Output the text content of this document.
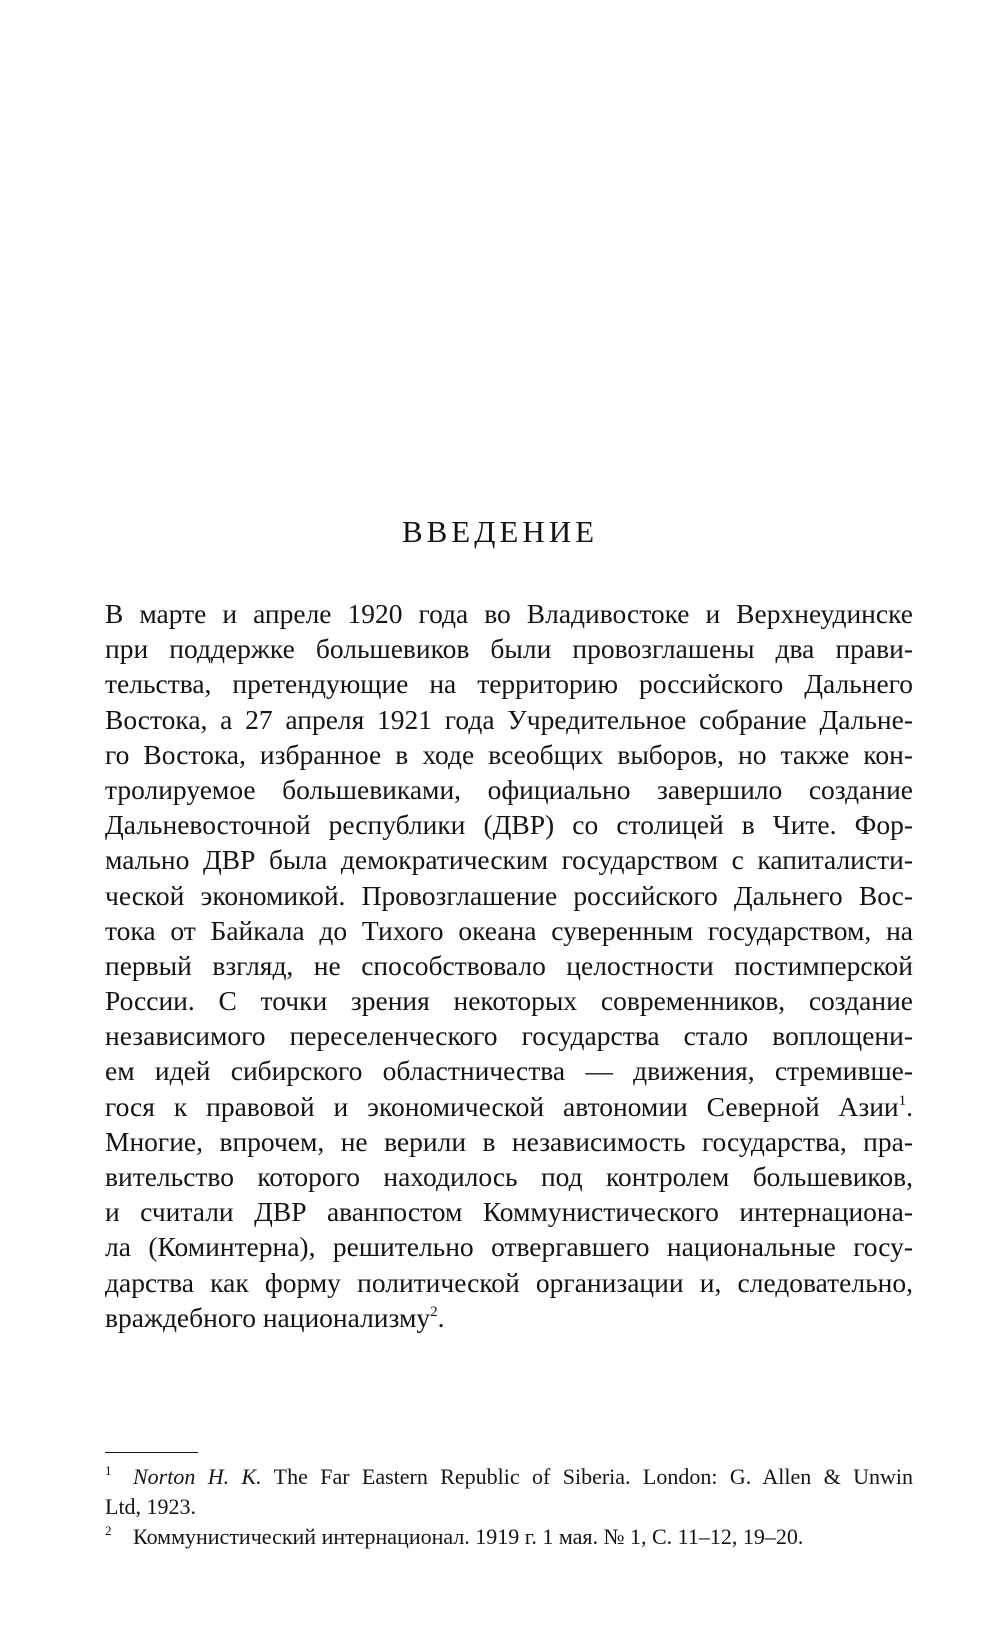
ВВЕДЕНИЕ
В марте и апреле 1920 года во Владивостоке и Верхнеудинске
при поддержке большевиков были провозглашены два прави-
тельства, претендующие на территорию российского Дальнего
Востока, а 27 апреля 1921 года Учредительное собрание Дальне-
го Востока, избранное в ходе всеобщих выборов, но также кон-
тролируемое большевиками, официально завершило создание
Дальневосточной республики (ДВР) со столицей в Чите. Фор-
мально ДВР была демократическим государством с капиталисти-
ческой экономикой. Провозглашение российского Дальнего Вос-
тока от Байкала до Тихого океана суверенным государством, на
первый взгляд, не способствовало целостности постимперской
России. С точки зрения некоторых современников, создание
независимого переселенческого государства стало воплощени-
ем идей сибирского областничества — движения, стремивше-
гося к правовой и экономической автономии Северной Азии$^1$.
Многие, впрочем, не верили в независимость государства, пра-
вительство которого находилось под контролем большевиков,
и считали ДВР аванпостом Коммунистического интернациона-
ла (Коминтерна), решительно отвергавшего национальные госу-
дарства как форму политической организации и, следовательно,
враждебного национализму$^2$.
1 Norton H. K. The Far Eastern Republic of Siberia. London: G. Allen & Unwin
Ltd, 1923.
2 Коммунистический интернационал. 1919 г. 1 мая. № 1, С. 11–12, 19–20.
